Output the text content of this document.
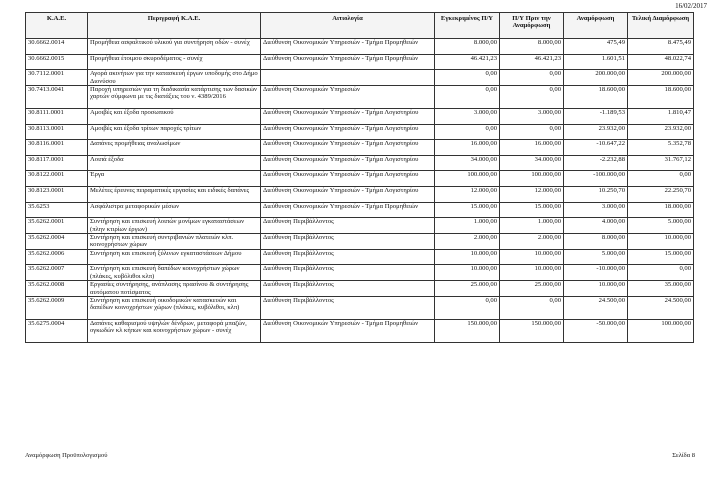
16/02/2017
Κ.Α.Ε.	Περιγραφή Κ.Α.Ε.	Αιτιολογία	Εγκεκριμένος Π/Υ	Π/Υ Πριν την Αναμόρφωση	Αναμόρφωση	Τελική Διαμόρφωση
30.6662.0014	Προμήθεια ασφαλτικού υλικού για συντήρηση οδών - συνέχ	Διεύθυνση Οικονομικών Υπηρεσιών - Τμήμα Προμηθειών	8.000,00	8.000,00	475,49	8.475,49
30.6662.0015	Προμήθεια έτοιμου σκυροδέματος - συνέχ	Διεύθυνση Οικονομικών Υπηρεσιών - Τμήμα Προμηθειών	46.421,23	46.421,23	1.601,51	48.022,74
30.7112.0001	Αγορά ακινήτων για την κατασκευή έργων υποδομής στο Δήμο Διονύσου		0,00	0,00	200.000,00	200.000,00
30.7413.0041	Παροχή υπηρεσιών για τη διαδικασία κατάρτισης των δασικών χαρτών σύμφωνα με τις διατάξεις του ν. 4389/2016	Διεύθυνση Οικονομικών Υπηρεσιών	0,00	0,00	18.600,00	18.600,00
30.8111.0001	Αμοιβές και έξοδα προσωπικού	Διεύθυνση Οικονομικών Υπηρεσιών - Τμήμα Λογιστηρίου	3.000,00	3.000,00	-1.189,53	1.810,47
30.8113.0001	Αμοιβές και έξοδα τρίτων παροχές τρίτων	Διεύθυνση Οικονομικών Υπηρεσιών - Τμήμα Λογιστηρίου	0,00	0,00	23.932,00	23.932,00
30.8116.0001	Δαπάνες προμήθειας αναλωσίμων	Διεύθυνση Οικονομικών Υπηρεσιών - Τμήμα Λογιστηρίου	16.000,00	16.000,00	-10.647,22	5.352,78
30.8117.0001	Λοιπά έξοδα	Διεύθυνση Οικονομικών Υπηρεσιών - Τμήμα Λογιστηρίου	34.000,00	34.000,00	-2.232,88	31.767,12
30.8122.0001	Έργα	Διεύθυνση Οικονομικών Υπηρεσιών - Τμήμα Λογιστηρίου	100.000,00	100.000,00	-100.000,00	0,00
30.8123.0001	Μελέτες έρευνες πειραματικές εργασίες και ειδικές δαπάνες	Διεύθυνση Οικονομικών Υπηρεσιών - Τμήμα Λογιστηρίου	12.000,00	12.000,00	10.250,70	22.250,70
35.6253	Ασφάλιστρα μεταφορικών μέσων	Διεύθυνση Οικονομικών Υπηρεσιών - Τμήμα Προμηθειών	15.000,00	15.000,00	3.000,00	18.000,00
35.6262.0001	Συντήρηση και επισκευή λοιπών μονίμων εγκαταστάσεων (πλην κτιρίων έργων)	Διεύθυνση Περιβάλλοντος	1.000,00	1.000,00	4.000,00	5.000,00
35.6262.0004	Συντήρηση και επισκευή συντριβανιών πλατειών κλπ. κοινοχρήστων χώρων	Διεύθυνση Περιβάλλοντος	2.000,00	2.000,00	8.000,00	10.000,00
35.6262.0006	Συντήρηση και επισκευή ξύλινων εγκαταστάσεων Δήμου	Διεύθυνση Περιβάλλοντος	10.000,00	10.000,00	5.000,00	15.000,00
35.6262.0007	Συντήρηση και επισκευή δαπέδων κοινοχρήστων χώρων (πλάκες, κυβόλιθοι κλπ)	Διεύθυνση Περιβάλλοντος	10.000,00	10.000,00	-10.000,00	0,00
35.6262.0008	Εργασίες συντήρησης, ανάπλασης πρασίνου & συντήρησης αυτόματου ποτίσματος	Διεύθυνση Περιβάλλοντος	25.000,00	25.000,00	10.000,00	35.000,00
35.6262.0009	Συντήρηση και επισκευή οικοδομικών κατασκευών και δαπέδων κοινοχρήστων χώρων (πλάκες, κυβόλιθοι, κλπ)	Διεύθυνση Περιβάλλοντος	0,00	0,00	24.500,00	24.500,00
35.6275.0004	Δαπάνες καθαρισμού υψηλών δένδρων, μεταφορά μπαζών, ογκωδών κλ κήπων και κοινοχρήστων χώρων - συνέχ	Διεύθυνση Οικονομικών Υπηρεσιών - Τμήμα Προμηθειών	150.000,00	150.000,00	-50.000,00	100.000,00
Αναμόρφωση Προϋπολογισμού	Σελίδα 8
